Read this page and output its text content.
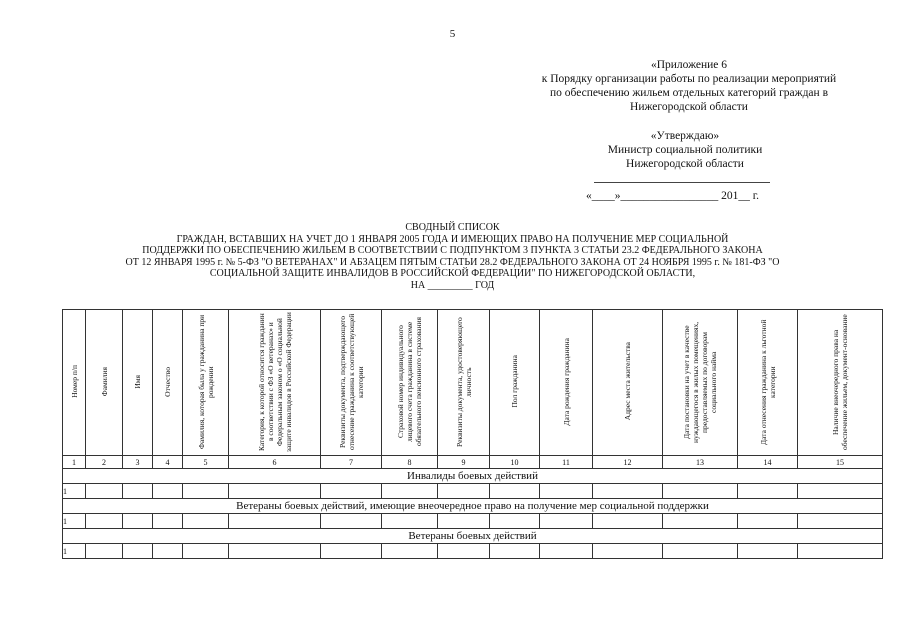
5
«Приложение 6
к Порядку организации работы по реализации мероприятий
по обеспечению жильем отдельных категорий граждан в
Нижегородской области
«Утверждаю»
Министр социальной политики
Нижегородской области
«____»_________________ 201__ г.
СВОДНЫЙ СПИСОК
ГРАЖДАН, ВСТАВШИХ НА УЧЕТ ДО 1 ЯНВАРЯ 2005 ГОДА И ИМЕЮЩИХ ПРАВО НА ПОЛУЧЕНИЕ МЕР СОЦИАЛЬНОЙ
ПОДДЕРЖКИ ПО ОБЕСПЕЧЕНИЮ ЖИЛЬЕМ В СООТВЕТСТВИИ С ПОДПУНКТОМ 3 ПУНКТА 3 СТАТЬИ 23.2 ФЕДЕРАЛЬНОГО ЗАКОНА
ОТ 12 ЯНВАРЯ 1995 г. № 5-ФЗ "О ВЕТЕРАНАХ" И АБЗАЦЕМ ПЯТЫМ СТАТЬИ 28.2 ФЕДЕРАЛЬНОГО ЗАКОНА ОТ 24 НОЯБРЯ 1995 г. № 181-ФЗ "О
СОЦИАЛЬНОЙ ЗАЩИТЕ ИНВАЛИДОВ В РОССИЙСКОЙ ФЕДЕРАЦИИ" ПО НИЖЕГОРОДСКОЙ ОБЛАСТИ,
НА _________ ГОД
Номер п/п	Фамилия	Имя	Отчество	Фамилия, которая была у гражданина при рождении	Категория, к которой относится гражданин в соответствии с ФЗ «О ветеранах» и Федеральным законом о «О социальной защите инвалидов в Российской Федерации	Реквизиты документа, подтверждающего отнесение гражданина к соответствующей категории	Страховой номер индивидуального лицевого счета гражданина в системе обязательного пенсионного страхования	Реквизиты документа, удостоверяющего личность	Пол гражданина	Дата рождения гражданина	Адрес места жительства	Дата постановки на учет в качестве нуждающегося в жилых помещениях, предоставляемых по договорам социального найма	Дата отнесения гражданина к льготной категории	Наличие внеочередного права на обеспечение жильем, документ-основание
1	2	3	4	5	6	7	8	9	10	11	12	13	14	15
Инвалиды боевых действий														
1														
Ветераны боевых действий, имеющие внеочередное право на получение мер социальной поддержки														
1														
Ветераны боевых действий														
1														
